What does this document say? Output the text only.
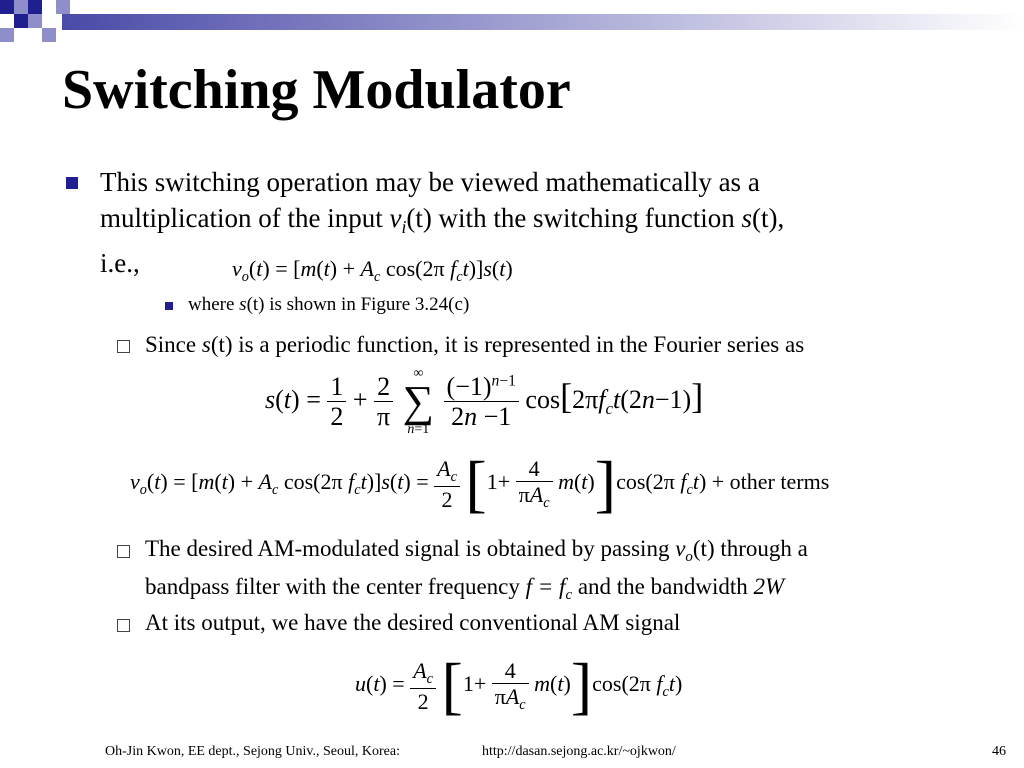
Switching Modulator
This switching operation may be viewed mathematically as a
multiplication of the input $v_i(t)$ with the switching function s(t),
i.e.,	$v_o(t) = [m(t) + A_c$ cos(2π $f_ct)]s(t)$
where s(t) is shown in Figure 3.24(c)
Since s(t) is a periodic function, it is represented in the Fourier series as
$s(t) = \frac{1}{2} + \frac{2}{\pi}$
	∞
∑
n=1
$\frac{(-1)^{n-1}}{2n -1} \cos[2\pi f_ct(2n-1)]$
$v_o(t) = [m(t) + A_c$ cos(2π $f_ct)]s(t) = \frac{A_c}{2} [1+ \frac{4}{\pi A_c} m(t)]\cos(2\pi$ $f_ct$) + other terms
The desired AM-modulated signal is obtained by passing $v_o(t)$ through a
bandpass filter with the center frequency $f = f_c$ and the bandwidth 2W
At its output, we have the desired conventional AM signal
$u(t) = \frac{A_c}{2} [1+ \frac{4}{\pi A_c} m(t)]\cos(2\pi$ $f_ct$)
Oh-Jin Kwon, EE dept., Sejong Univ., Seoul, Korea:	http://dasan.sejong.ac.kr/~ojkwon/	46
